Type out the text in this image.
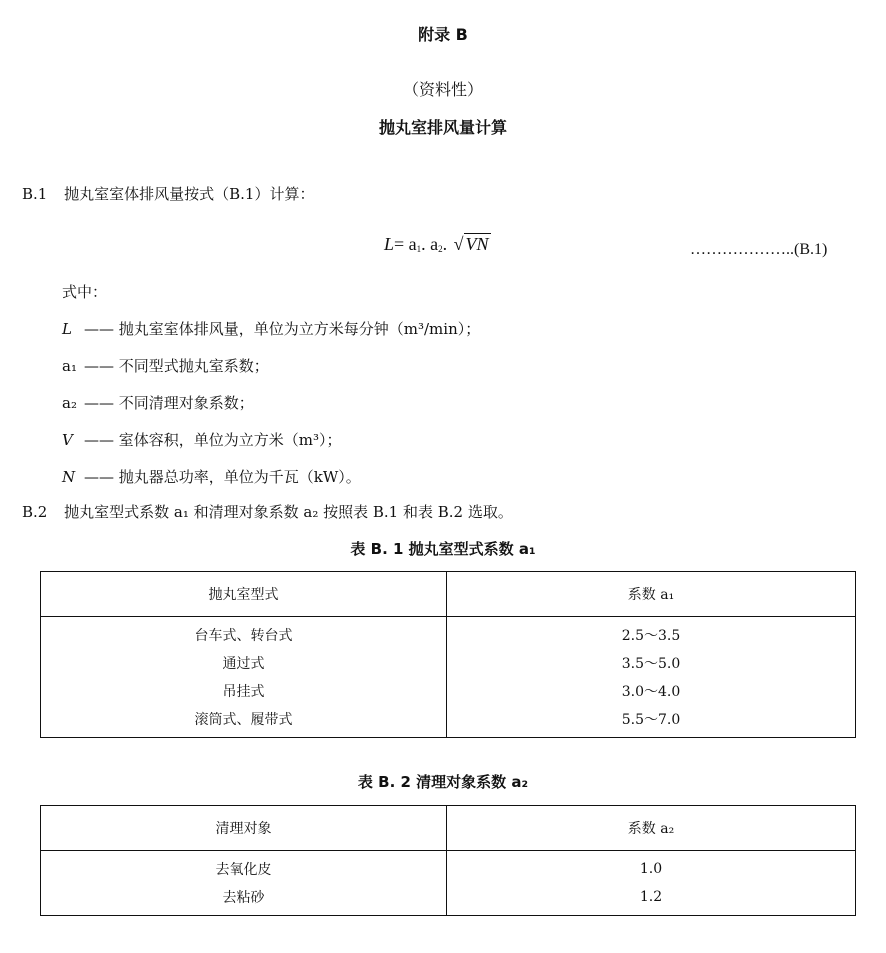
附录 B
（资料性）
抛丸室排风量计算
B.1 抛丸室室体排风量按式（B.1）计算：
$L= a_1$. $a_2$. √ VN	………………..(B.1)
式中：
L —— 抛丸室室体排风量，单位为立方米每分钟（m³/min）；
a₁ —— 不同型式抛丸室系数；
a₂ —— 不同清理对象系数；
V —— 室体容积，单位为立方米（m³）；
N —— 抛丸器总功率，单位为千瓦（kW）。
B.2 抛丸室型式系数 a₁ 和清理对象系数 a₂ 按照表 B.1 和表 B.2 选取。
表 B. 1 抛丸室型式系数 a₁
抛丸室型式	系数 a₁
台车式、转台式	2.5～3.5
通过式	3.5～5.0
吊挂式	3.0～4.0
滚筒式、履带式	5.5～7.0
表 B. 2 清理对象系数 a₂
清理对象	系数 a₂
去氧化皮	1.0
去粘砂	1.2
